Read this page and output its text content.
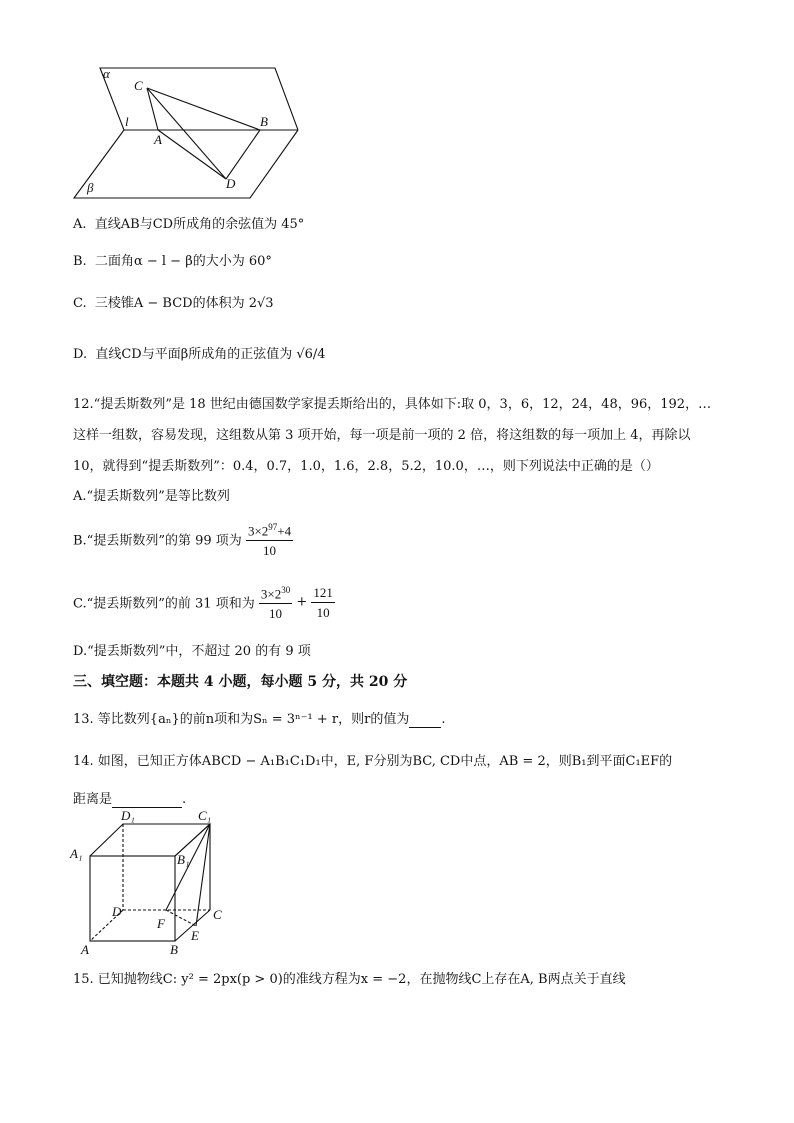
α
β
l
C
A
B
D
A. 直线AB与CD所成角的余弦值为 45°
B. 二面角α − l − β的大小为 60°
C. 三棱锥A − BCD的体积为 2√3
D. 直线CD与平面β所成角的正弦值为 √6/4
12.“提丢斯数列”是 18 世纪由德国数学家提丢斯给出的，具体如下:取 0，3，6，12，24，48，96，192，…
这样一组数，容易发现，这组数从第 3 项开始，每一项是前一项的 2 倍，将这组数的每一项加上 4，再除以
10，就得到“提丢斯数列”：0.4，0.7，1.0，1.6，2.8，5.2，10.0，…，则下列说法中正确的是（）
A.“提丢斯数列”是等比数列
B.“提丢斯数列”的第 99 项为 $\frac{3\times 2^{97}+4}{10}$
C.“提丢斯数列”的前 31 项和为 $\frac{3\times 2^{30}}{10} + \frac{121}{10}$
D.“提丢斯数列”中，不超过 20 的有 9 项
三、填空题：本题共 4 小题，每小题 5 分，共 20 分
13. 等比数列{aₙ}的前n项和为Sₙ = 3ⁿ⁻¹ + r，则r的值为 .
14. 如图，已知正方体ABCD − A₁B₁C₁D₁中，E, F分别为BC, CD中点，AB = 2，则B₁到平面C₁EF的
距离是	.
D₁	C₁
A₁	B₁
D	C
F
E
A	B
15. 已知抛物线C: y² = 2px(p > 0)的准线方程为x = −2，在抛物线C上存在A, B两点关于直线
